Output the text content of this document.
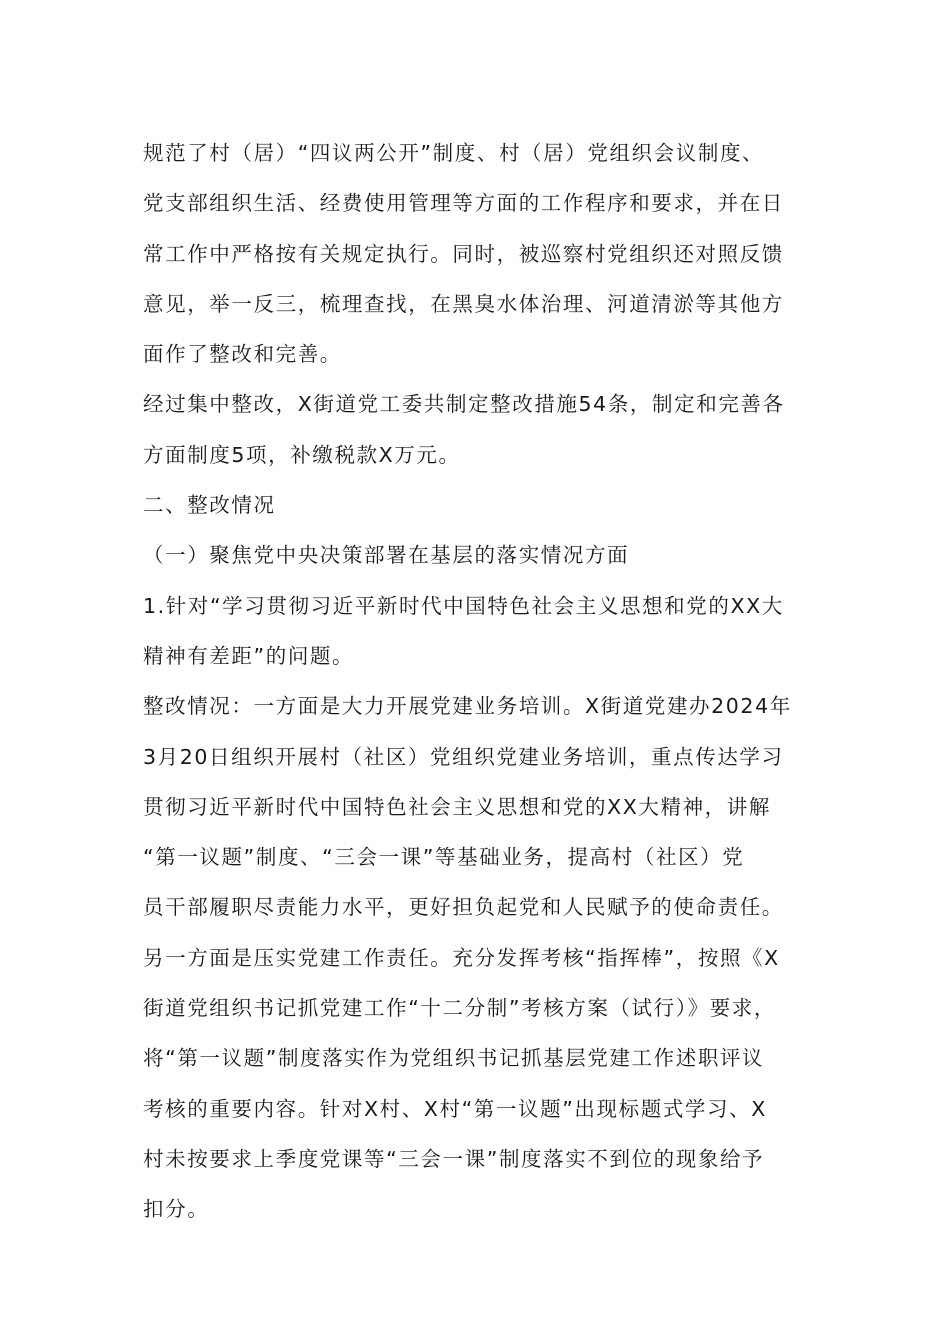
规范了村（居）“四议两公开”制度、村（居）党组织会议制度、
党支部组织生活、经费使用管理等方面的工作程序和要求，并在日
常工作中严格按有关规定执行。同时，被巡察村党组织还对照反馈
意见，举一反三，梳理查找，在黑臭水体治理、河道清淤等其他方
面作了整改和完善。
经过集中整改，X街道党工委共制定整改措施54条，制定和完善各
方面制度5项，补缴税款X万元。
二、整改情况
（一）聚焦党中央决策部署在基层的落实情况方面
1.针对“学习贯彻习近平新时代中国特色社会主义思想和党的XX大
精神有差距”的问题。
整改情况：一方面是大力开展党建业务培训。X街道党建办2024年
3月20日组织开展村（社区）党组织党建业务培训，重点传达学习
贯彻习近平新时代中国特色社会主义思想和党的XX大精神，讲解
“第一议题”制度、“三会一课”等基础业务，提高村（社区）党
员干部履职尽责能力水平，更好担负起党和人民赋予的使命责任。
另一方面是压实党建工作责任。充分发挥考核“指挥棒”，按照《X
街道党组织书记抓党建工作“十二分制”考核方案（试行）》要求，
将“第一议题”制度落实作为党组织书记抓基层党建工作述职评议
考核的重要内容。针对X村、X村“第一议题”出现标题式学习、X
村未按要求上季度党课等“三会一课”制度落实不到位的现象给予
扣分。
